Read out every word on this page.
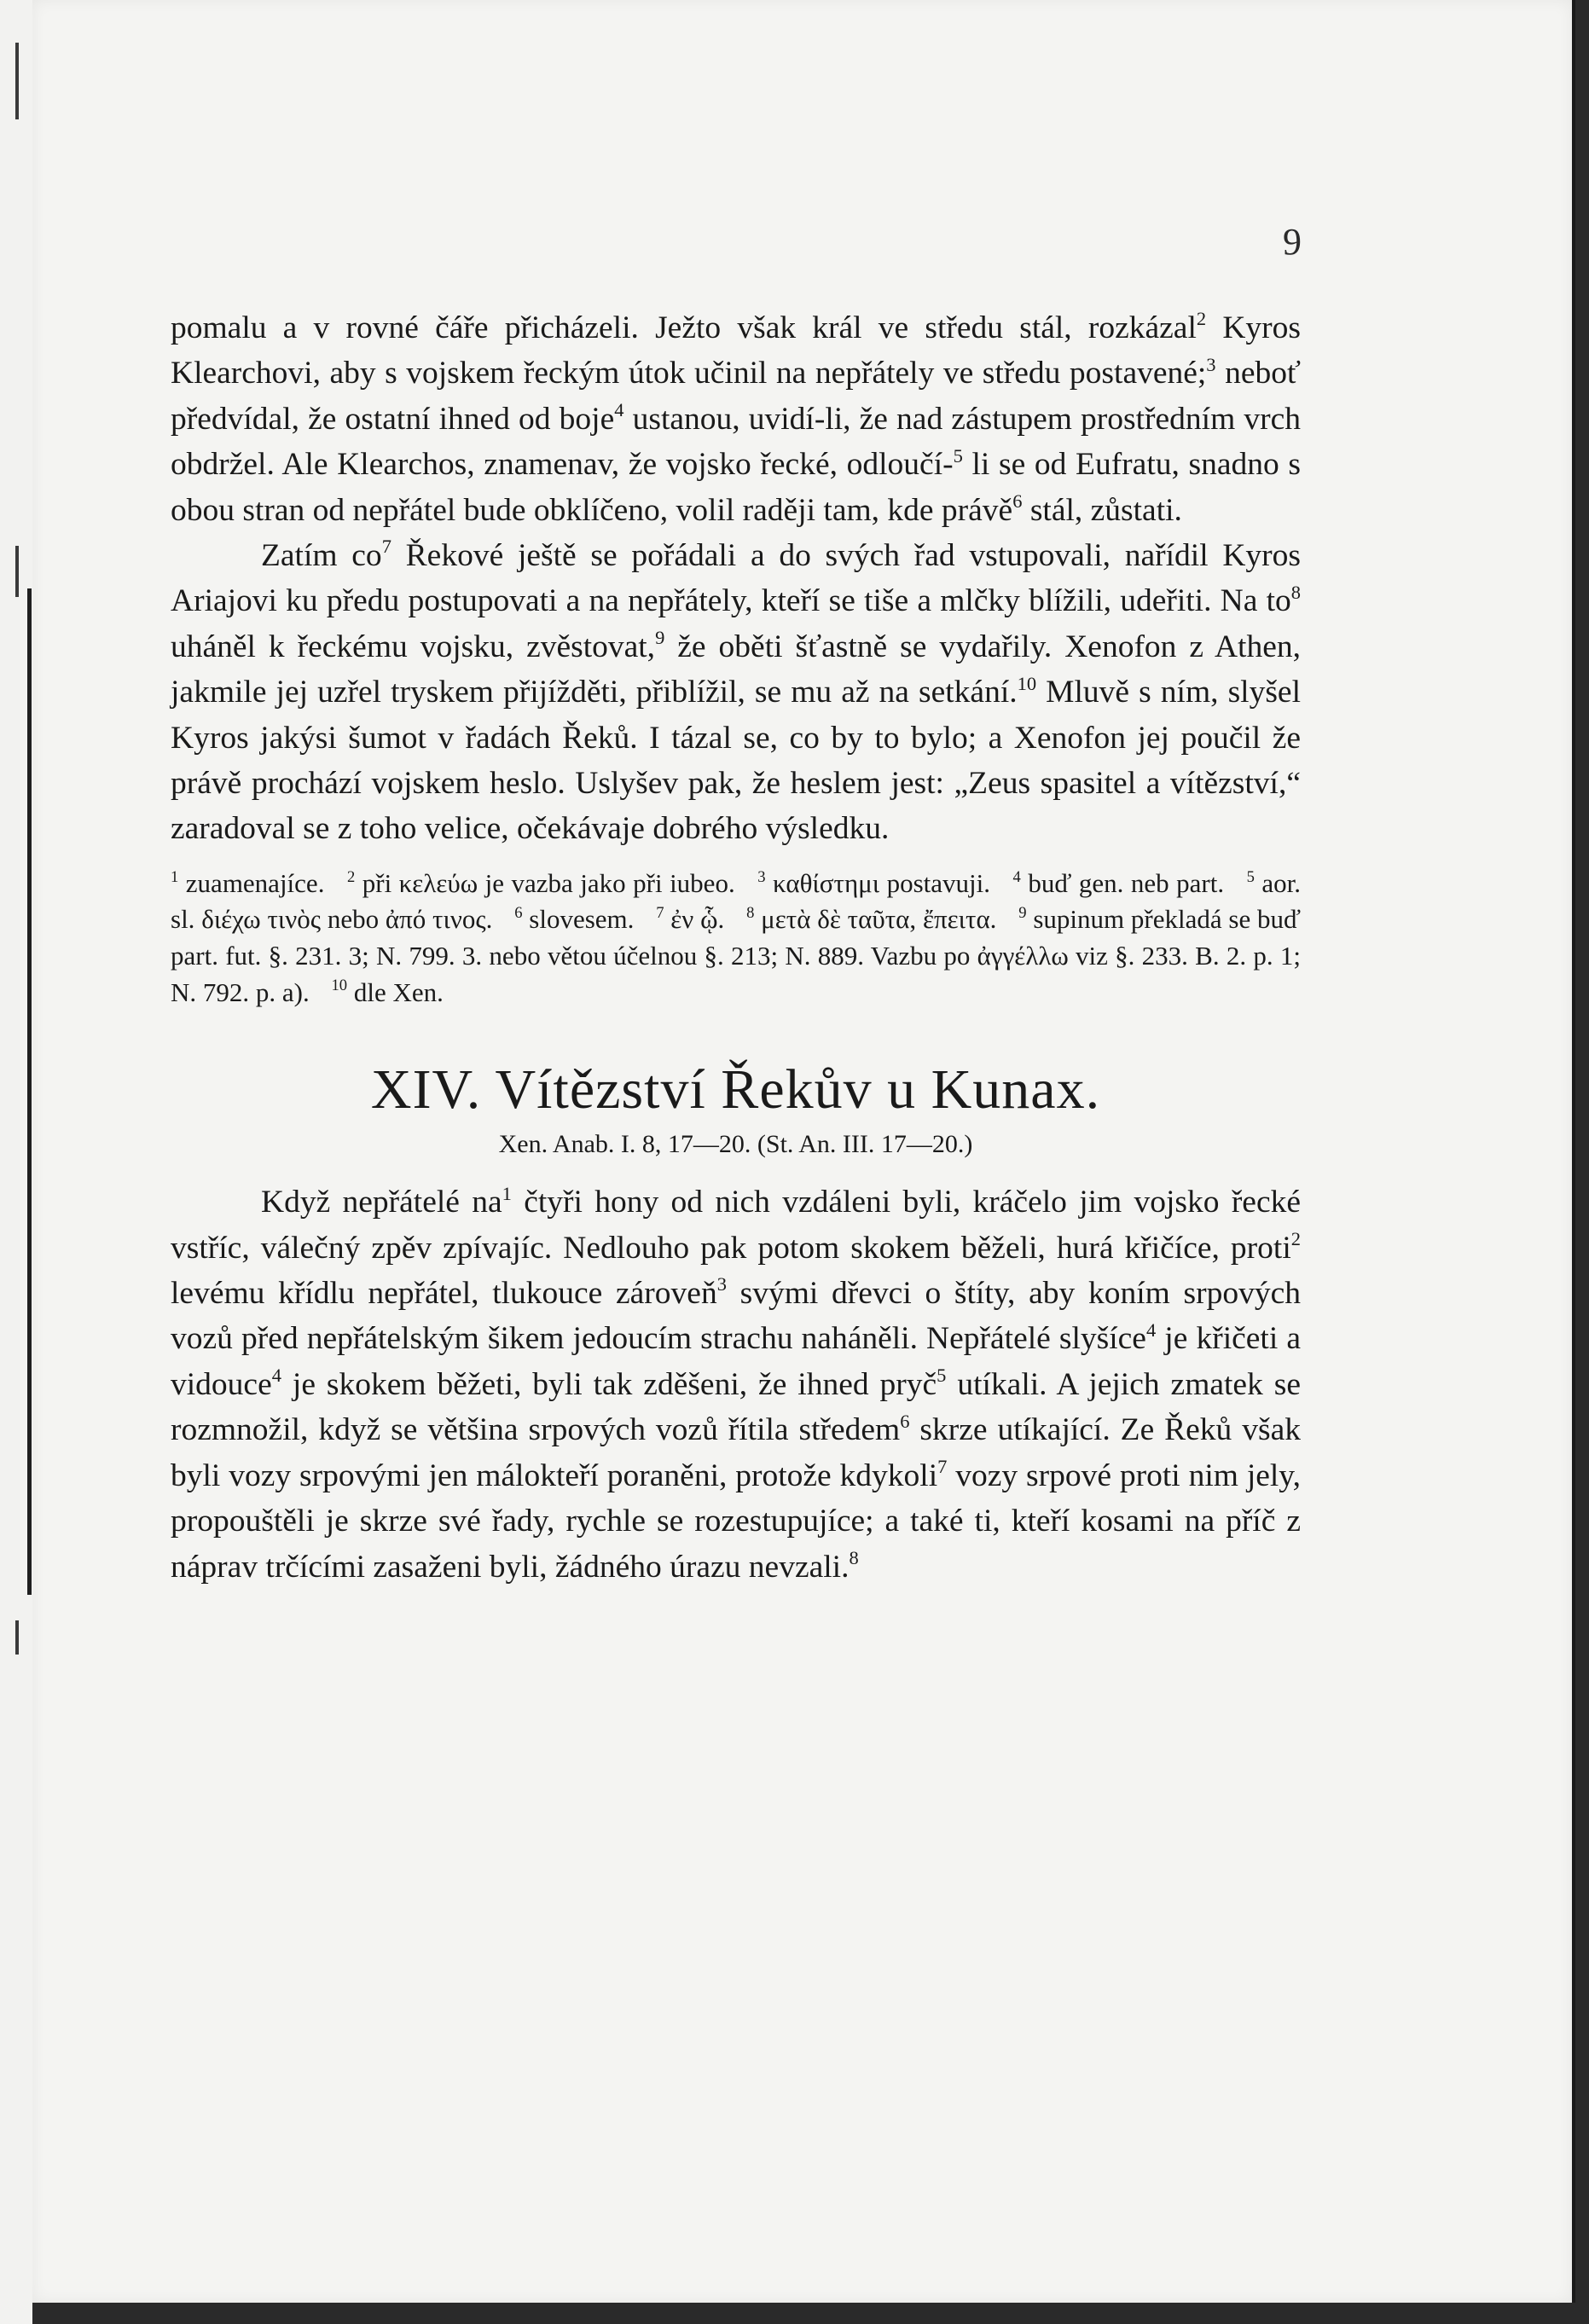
9

pomalu a v rovné čáře přicházeli. Ježto však král ve středu stál, rozkázal$^2$ Kyros Klearchovi, aby s vojskem řeckým útok učinil na nepřátely ve středu postavené;$^3$ neboť předvídal, že ostatní ihned od boje$^4$ ustanou, uvidí-li, že nad zástupem prostředním vrch obdržel. Ale Klearchos, znamenav, že vojsko řecké, odloučí-$^5$ li se od Eufratu, snadno s obou stran od nepřátel bude obklíčeno, volil raději tam, kde právě$^6$ stál, zůstati.

Zatím $co^7$ Řekové ještě se pořádali a do svých řad vstupovali, nařídil Kyros Ariajovi ku předu postupovati a na nepřátely, kteří se tiše a mlčky blížili, udeřiti. Na $to^8$ uháněl k řeckému vojsku, zvěstovat,$^9$ že oběti šťastně se vydařily. Xenofon z Athen, jakmile jej uzřel tryskem přijížděti, přiblížil, se mu až na setkání.$^{10}$ Mluvě s ním, slyšel Kyros jakýsi šumot v řadách Řeků. I tázal se, co by to bylo; a Xenofon jej poučil že právě prochází vojskem heslo. Uslyšev pak, že heslem jest: „Zeus spasitel a vítězství,“ zaradoval se z toho velice, očekávaje dobrého výsledku.

$^1$ zuamenajíce. $^2$ při κελεύω je vazba jako při iubeo. $^3$ καθίστημι postavuji. $^4$ buď gen. neb part. $^5$ aor. sl. διέχω τινὸς nebo ἀπό τινος. $^6$ slovesem. $^7$ ἐν ᾧ. $^8$ μετὰ δὲ ταῦτα, ἔπειτα. $^9$ supinum překladá se buď part. fut. §. 231. 3; N. 799. 3. nebo větou účelnou §. 213; N. 889. Vazbu po ἀγγέλλω viz §. 233. B. 2. p. 1; N. 792. p. a). $^{10}$ dle Xen.
XIV. Vítězství Řekův u Kunax.
Xen. Anab. I. 8, 17—20. (St. An. III. 17—20.)

Když nepřátelé $na^1$ čtyři hony od nich vzdáleni byli, kráčelo jim vojsko řecké vstříc, válečný zpěv zpívajíc. Nedlouho pak potom skokem běželi, hurá křičíce, proti$^2$ levému křídlu nepřátel, tlukouce zároveň$^3$ svými dřevci o štíty, aby koním srpových vozů před nepřátelským šikem jedoucím strachu naháněli. Nepřátelé slyšíce$^4$ je křičeti a vidouce$^4$ je skokem běžeti, byli tak zděšeni, že ihned pryč$^5$ utíkali. A jejich zmatek se rozmnožil, když se většina srpových vozů řítila středem$^6$ skrze utíkající. Ze Řeků však byli vozy srpovými jen málokteří poraněni, protože kdykoli$^7$ vozy srpové proti nim jely, propouštěli je skrze své řady, rychle se rozestupujíce; a také ti, kteří kosami na příč z náprav trčícími zasaženi byli, žádného úrazu nevzali.$^8$
